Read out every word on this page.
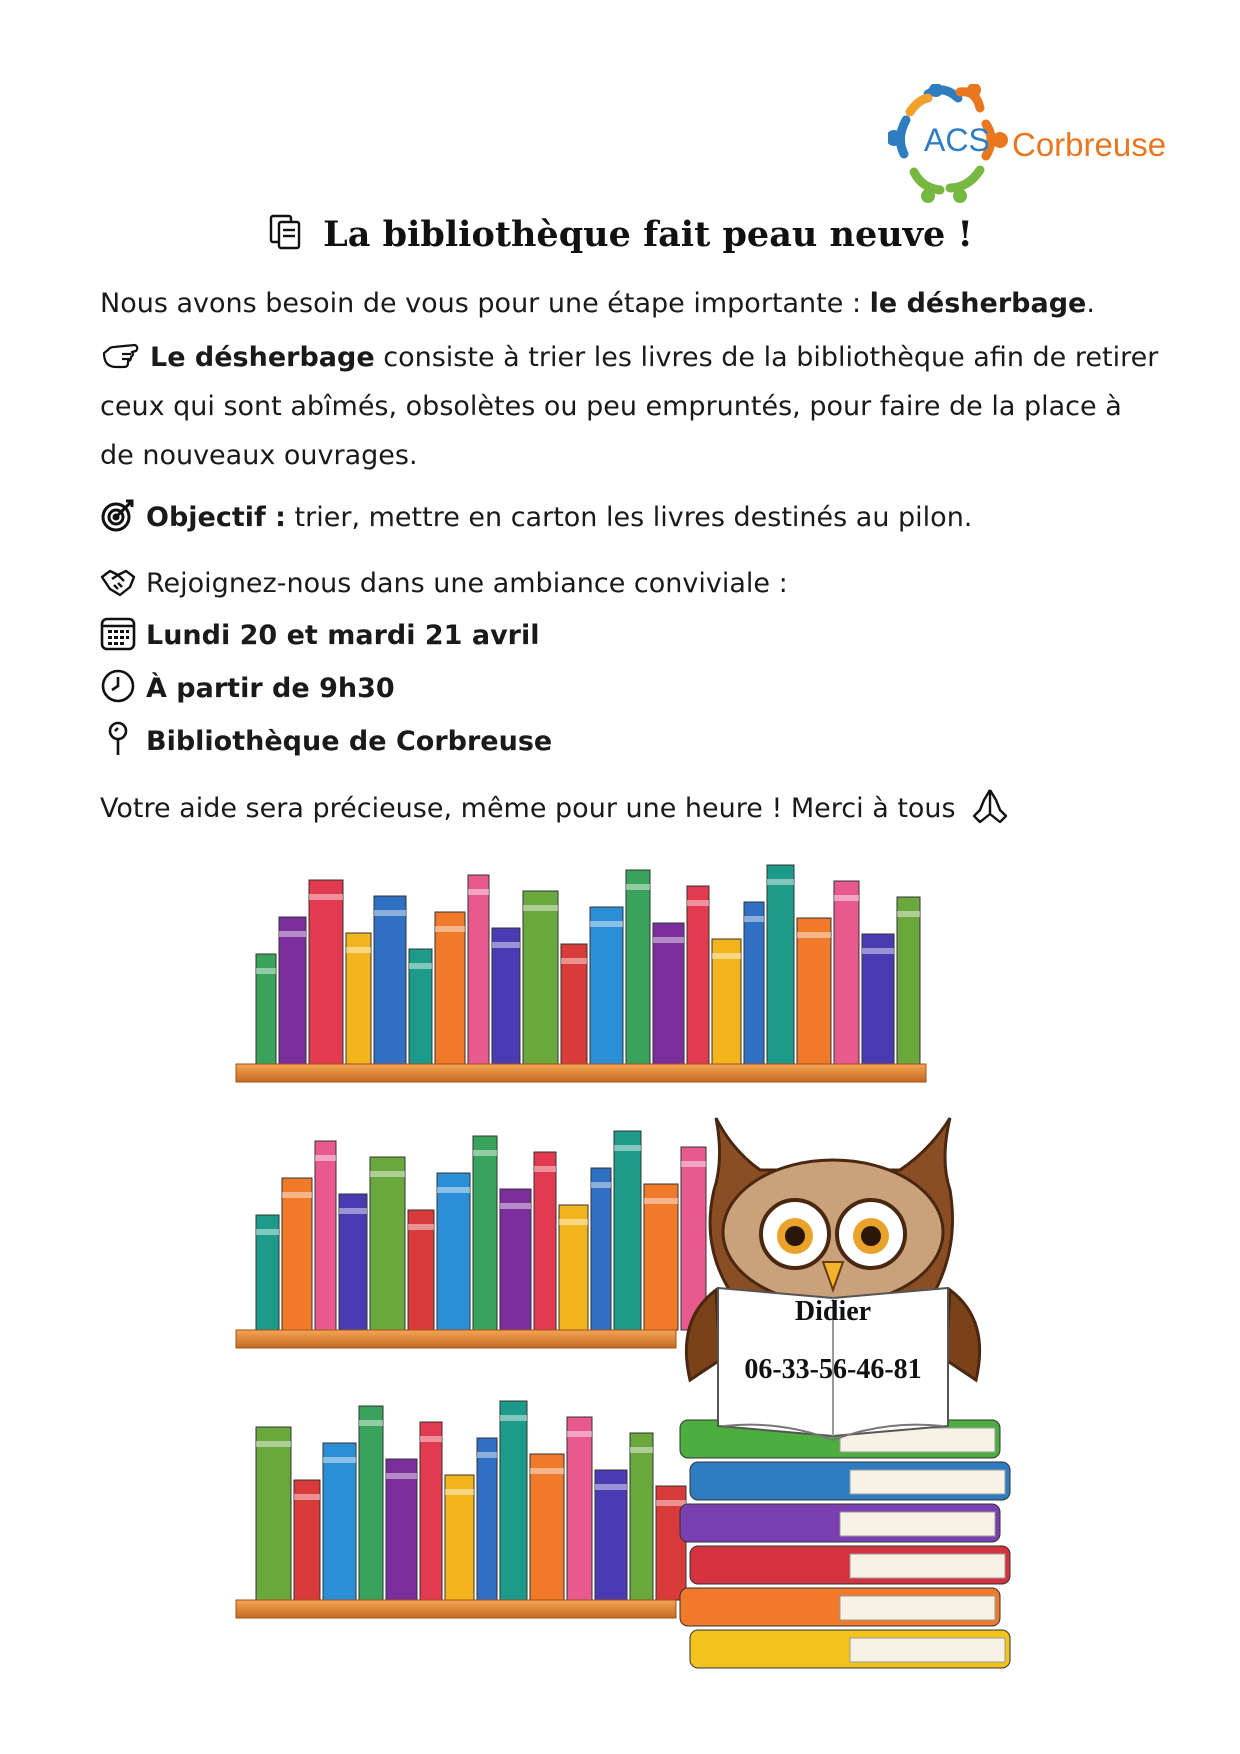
ACS Corbreuse
La bibliothèque fait peau neuve !
Nous avons besoin de vous pour une étape importante : le désherbage.
Le désherbage consiste à trier les livres de la bibliothèque afin de retirer ceux qui sont abîmés, obsolètes ou peu empruntés, pour faire de la place à de nouveaux ouvrages.
Objectif : trier, mettre en carton les livres destinés au pilon.
Rejoignez-nous dans une ambiance conviviale :
Lundi 20 et mardi 21 avril
À partir de 9h30
Bibliothèque de Corbreuse
Votre aide sera précieuse, même pour une heure ! Merci à tous
Didier
06-33-56-46-81
